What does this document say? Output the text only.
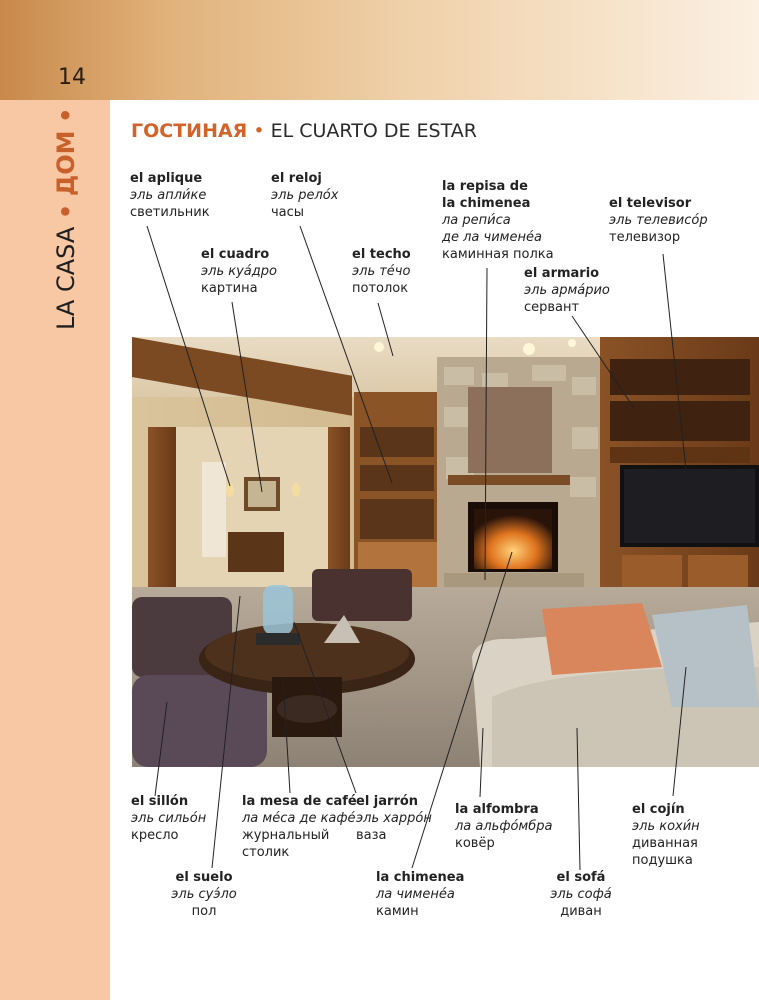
14
LA CASA • ДОМ •
ГОСТИНАЯ • EL CUARTO DE ESTAR
el aplique
эль апли́ке
светильник
el reloj
эль рело́х
часы
la repisa de
la chimenea
ла репи́са
де ла чимене́а
каминная полка
el televisor
эль телевисо́р
телевизор
el cuadro
эль куа́дро
картина
el techo
эль те́чо
потолок
el armario
эль арма́рио
сервант
el sillón
эль сильо́н
кресло
la mesa de café
ла ме́са де кафе́
журнальный
столик
el jarrón
эль харро́н
ваза
la alfombra
ла альфо́мбра
ковёр
el cojín
эль кохи́н
диванная
подушка
el suelo
эль суэ́ло
пол
la chimenea
ла чимене́а
камин
el sofá
эль софа́
диван
